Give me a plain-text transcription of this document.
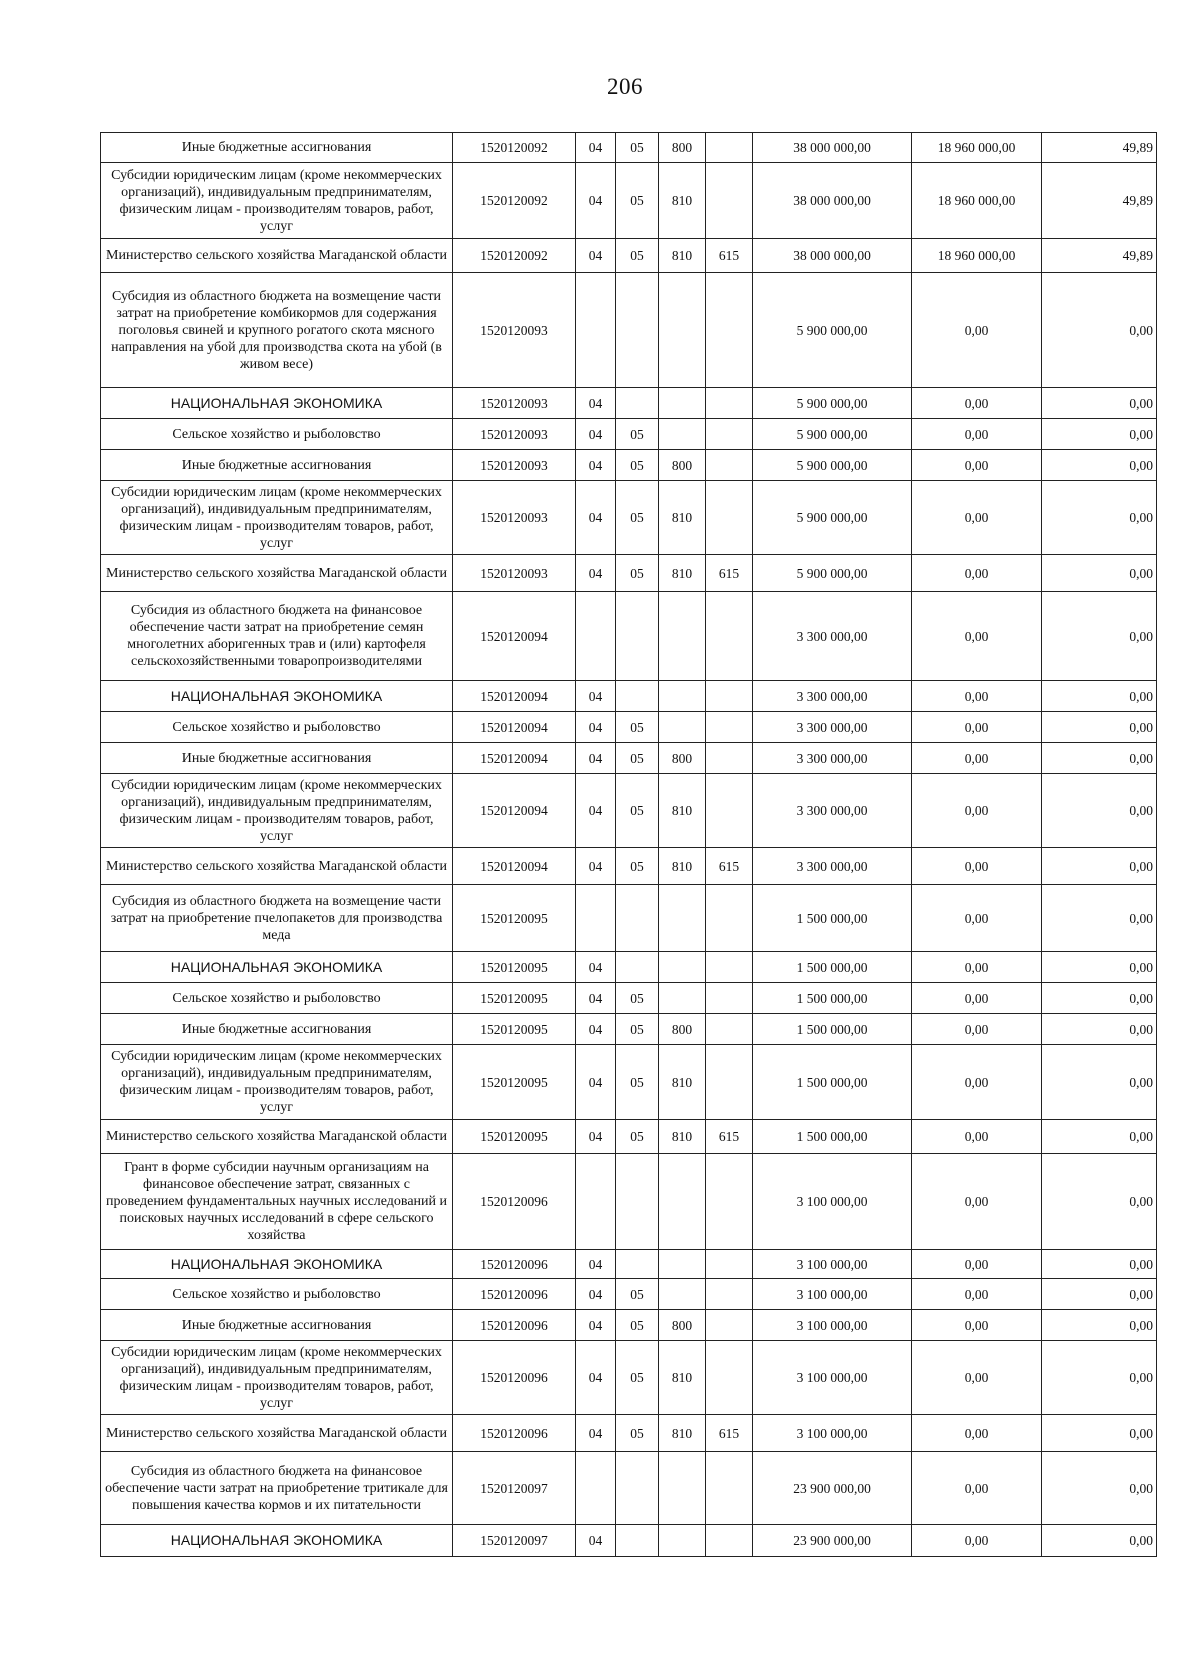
206
Иные бюджетные ассигнования	1520120092	04	05	800		38 000 000,00	18 960 000,00	49,89
Субсидии юридическим лицам (кроме некоммерческих организаций), индивидуальным предпринимателям, физическим лицам - производителям товаров, работ, услуг	1520120092	04	05	810		38 000 000,00	18 960 000,00	49,89
Министерство сельского хозяйства Магаданской области	1520120092	04	05	810	615	38 000 000,00	18 960 000,00	49,89
Субсидия из областного бюджета на возмещение части затрат на приобретение комбикормов для содержания поголовья свиней и крупного рогатого скота мясного направления на убой для производства скота на убой (в живом весе)	1520120093					5 900 000,00	0,00	0,00
НАЦИОНАЛЬНАЯ ЭКОНОМИКА	1520120093	04				5 900 000,00	0,00	0,00
Сельское хозяйство и рыболовство	1520120093	04	05			5 900 000,00	0,00	0,00
Иные бюджетные ассигнования	1520120093	04	05	800		5 900 000,00	0,00	0,00
Субсидии юридическим лицам (кроме некоммерческих организаций), индивидуальным предпринимателям, физическим лицам - производителям товаров, работ, услуг	1520120093	04	05	810		5 900 000,00	0,00	0,00
Министерство сельского хозяйства Магаданской области	1520120093	04	05	810	615	5 900 000,00	0,00	0,00
Субсидия из областного бюджета на финансовое обеспечение части затрат на приобретение семян многолетних аборигенных трав и (или) картофеля сельскохозяйственными товаропроизводителями	1520120094					3 300 000,00	0,00	0,00
НАЦИОНАЛЬНАЯ ЭКОНОМИКА	1520120094	04				3 300 000,00	0,00	0,00
Сельское хозяйство и рыболовство	1520120094	04	05			3 300 000,00	0,00	0,00
Иные бюджетные ассигнования	1520120094	04	05	800		3 300 000,00	0,00	0,00
Субсидии юридическим лицам (кроме некоммерческих организаций), индивидуальным предпринимателям, физическим лицам - производителям товаров, работ, услуг	1520120094	04	05	810		3 300 000,00	0,00	0,00
Министерство сельского хозяйства Магаданской области	1520120094	04	05	810	615	3 300 000,00	0,00	0,00
Субсидия из областного бюджета на возмещение части затрат на приобретение пчелопакетов для производства меда	1520120095					1 500 000,00	0,00	0,00
НАЦИОНАЛЬНАЯ ЭКОНОМИКА	1520120095	04				1 500 000,00	0,00	0,00
Сельское хозяйство и рыболовство	1520120095	04	05			1 500 000,00	0,00	0,00
Иные бюджетные ассигнования	1520120095	04	05	800		1 500 000,00	0,00	0,00
Субсидии юридическим лицам (кроме некоммерческих организаций), индивидуальным предпринимателям, физическим лицам - производителям товаров, работ, услуг	1520120095	04	05	810		1 500 000,00	0,00	0,00
Министерство сельского хозяйства Магаданской области	1520120095	04	05	810	615	1 500 000,00	0,00	0,00
Грант в форме субсидии научным организациям на финансовое обеспечение затрат, связанных с проведением фундаментальных научных исследований и поисковых научных исследований в сфере сельского хозяйства	1520120096					3 100 000,00	0,00	0,00
НАЦИОНАЛЬНАЯ ЭКОНОМИКА	1520120096	04				3 100 000,00	0,00	0,00
Сельское хозяйство и рыболовство	1520120096	04	05			3 100 000,00	0,00	0,00
Иные бюджетные ассигнования	1520120096	04	05	800		3 100 000,00	0,00	0,00
Субсидии юридическим лицам (кроме некоммерческих организаций), индивидуальным предпринимателям, физическим лицам - производителям товаров, работ, услуг	1520120096	04	05	810		3 100 000,00	0,00	0,00
Министерство сельского хозяйства Магаданской области	1520120096	04	05	810	615	3 100 000,00	0,00	0,00
Субсидия из областного бюджета на финансовое обеспечение части затрат на приобретение тритикале для повышения качества кормов и их питательности	1520120097					23 900 000,00	0,00	0,00
НАЦИОНАЛЬНАЯ ЭКОНОМИКА	1520120097	04				23 900 000,00	0,00	0,00
